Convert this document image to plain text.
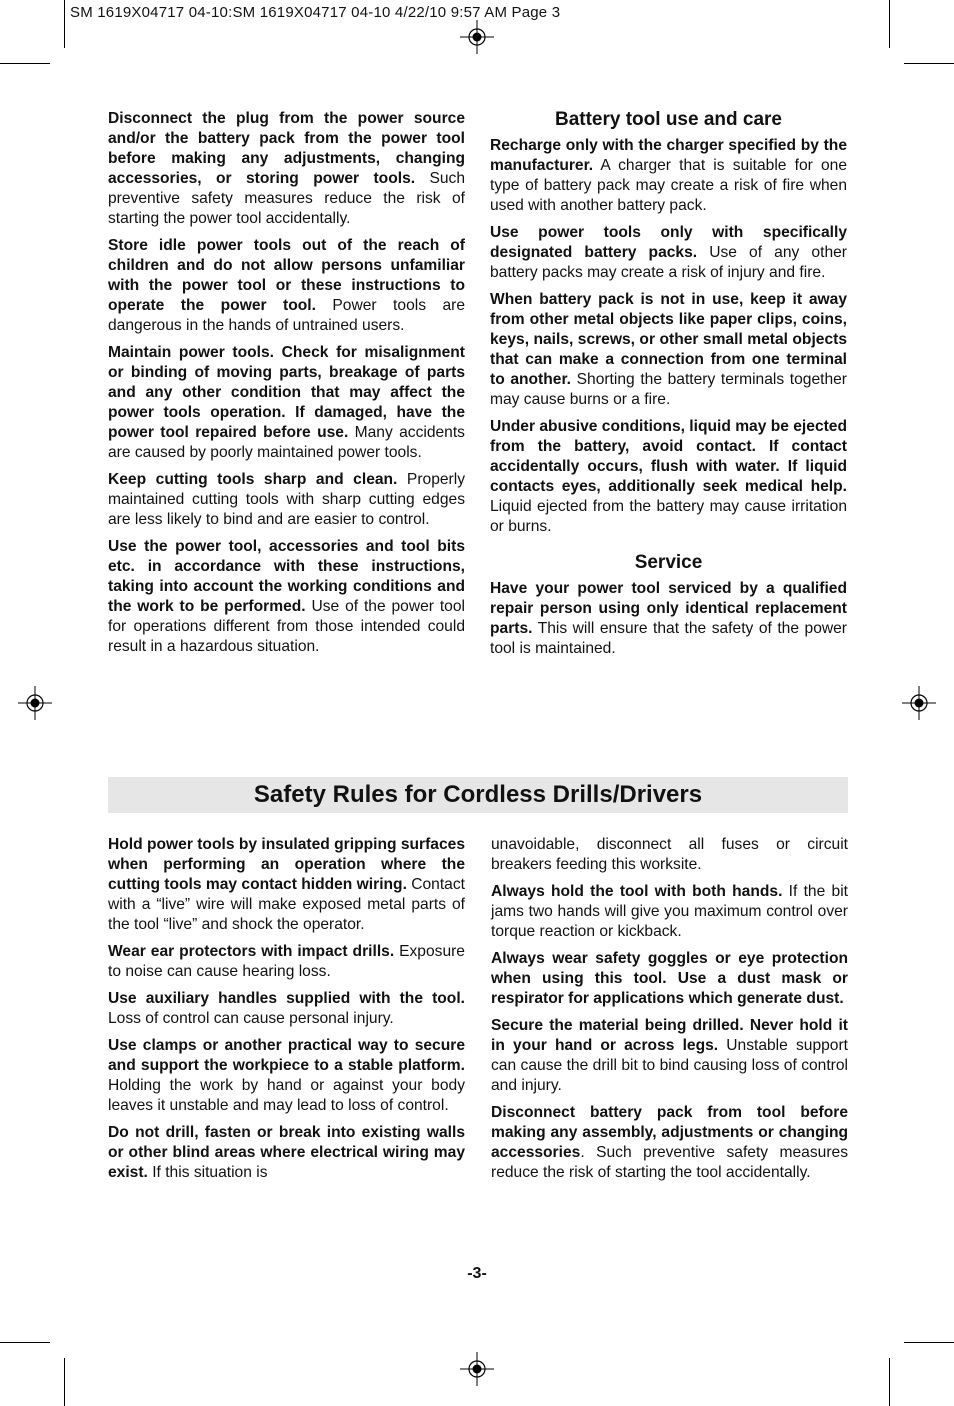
SM 1619X04717 04-10:SM 1619X04717 04-10 4/22/10 9:57 AM Page 3

Disconnect the plug from the power source and/or the battery pack from the power tool before making any adjustments, changing accessories, or storing power tools. Such preventive safety measures reduce the risk of starting the power tool accidentally.

Store idle power tools out of the reach of children and do not allow persons unfamiliar with the power tool or these instructions to operate the power tool. Power tools are dangerous in the hands of untrained users.

Maintain power tools. Check for misalignment or binding of moving parts, breakage of parts and any other condition that may affect the power tools operation. If damaged, have the power tool repaired before use. Many accidents are caused by poorly maintained power tools.

Keep cutting tools sharp and clean. Properly maintained cutting tools with sharp cutting edges are less likely to bind and are easier to control.

Use the power tool, accessories and tool bits etc. in accordance with these instructions, taking into account the working conditions and the work to be performed. Use of the power tool for operations different from those intended could result in a hazardous situation.

Battery tool use and care

Recharge only with the charger specified by the manufacturer. A charger that is suitable for one type of battery pack may create a risk of fire when used with another battery pack.

Use power tools only with specifically designated battery packs. Use of any other battery packs may create a risk of injury and fire.

When battery pack is not in use, keep it away from other metal objects like paper clips, coins, keys, nails, screws, or other small metal objects that can make a connection from one terminal to another. Shorting the battery terminals together may cause burns or a fire.

Under abusive conditions, liquid may be ejected from the battery, avoid contact. If contact accidentally occurs, flush with water. If liquid contacts eyes, additionally seek medical help. Liquid ejected from the battery may cause irritation or burns.

Service

Have your power tool serviced by a qualified repair person using only identical replacement parts. This will ensure that the safety of the power tool is maintained.

Safety Rules for Cordless Drills/Drivers

Hold power tools by insulated gripping surfaces when performing an operation where the cutting tools may contact hidden wiring. Contact with a “live” wire will make exposed metal parts of the tool “live” and shock the operator.

Wear ear protectors with impact drills. Exposure to noise can cause hearing loss.

Use auxiliary handles supplied with the tool. Loss of control can cause personal injury.

Use clamps or another practical way to secure and support the workpiece to a stable platform. Holding the work by hand or against your body leaves it unstable and may lead to loss of control.

Do not drill, fasten or break into existing walls or other blind areas where electrical wiring may exist. If this situation is

unavoidable, disconnect all fuses or circuit breakers feeding this worksite.

Always hold the tool with both hands. If the bit jams two hands will give you maximum control over torque reaction or kickback.

Always wear safety goggles or eye protection when using this tool. Use a dust mask or respirator for applications which generate dust.

Secure the material being drilled. Never hold it in your hand or across legs. Unstable support can cause the drill bit to bind causing loss of control and injury.

Disconnect battery pack from tool before making any assembly, adjustments or changing accessories. Such preventive safety measures reduce the risk of starting the tool accidentally.

-3-
